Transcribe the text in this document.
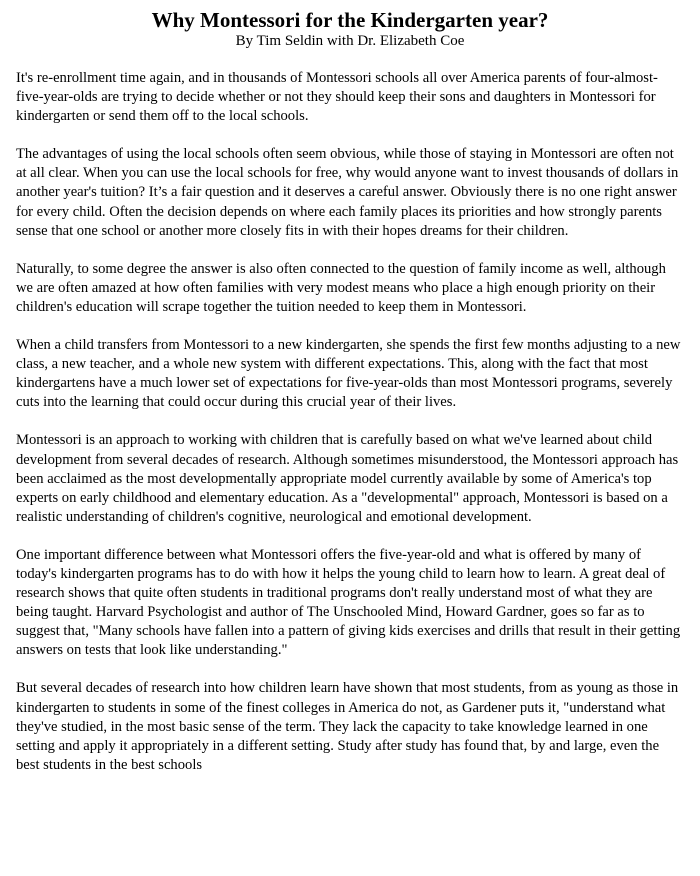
Why Montessori for the Kindergarten year?
By Tim Seldin with Dr. Elizabeth Coe

It's re-enrollment time again, and in thousands of Montessori schools all over America parents of four-almost-five-year-olds are trying to decide whether or not they should keep their sons and daughters in Montessori for kindergarten or send them off to the local schools.

The advantages of using the local schools often seem obvious, while those of staying in Montessori are often not at all clear. When you can use the local schools for free, why would anyone want to invest thousands of dollars in another year's tuition? It’s a fair question and it deserves a careful answer. Obviously there is no one right answer for every child. Often the decision depends on where each family places its priorities and how strongly parents sense that one school or another more closely fits in with their hopes dreams for their children.

Naturally, to some degree the answer is also often connected to the question of family income as well, although we are often amazed at how often families with very modest means who place a high enough priority on their children's education will scrape together the tuition needed to keep them in Montessori.

When a child transfers from Montessori to a new kindergarten, she spends the first few months adjusting to a new class, a new teacher, and a whole new system with different expectations. This, along with the fact that most kindergartens have a much lower set of expectations for five-year-olds than most Montessori programs, severely cuts into the learning that could occur during this crucial year of their lives.

Montessori is an approach to working with children that is carefully based on what we've learned about child development from several decades of research. Although sometimes misunderstood, the Montessori approach has been acclaimed as the most developmentally appropriate model currently available by some of America's top experts on early childhood and elementary education. As a "developmental" approach, Montessori is based on a realistic understanding of children's cognitive, neurological and emotional development.

One important difference between what Montessori offers the five-year-old and what is offered by many of today's kindergarten programs has to do with how it helps the young child to learn how to learn. A great deal of research shows that quite often students in traditional programs don't really understand most of what they are being taught. Harvard Psychologist and author of The Unschooled Mind, Howard Gardner, goes so far as to suggest that, "Many schools have fallen into a pattern of giving kids exercises and drills that result in their getting answers on tests that look like understanding."

But several decades of research into how children learn have shown that most students, from as young as those in kindergarten to students in some of the finest colleges in America do not, as Gardener puts it, "understand what they've studied, in the most basic sense of the term. They lack the capacity to take knowledge learned in one setting and apply it appropriately in a different setting. Study after study has found that, by and large, even the best students in the best schools
